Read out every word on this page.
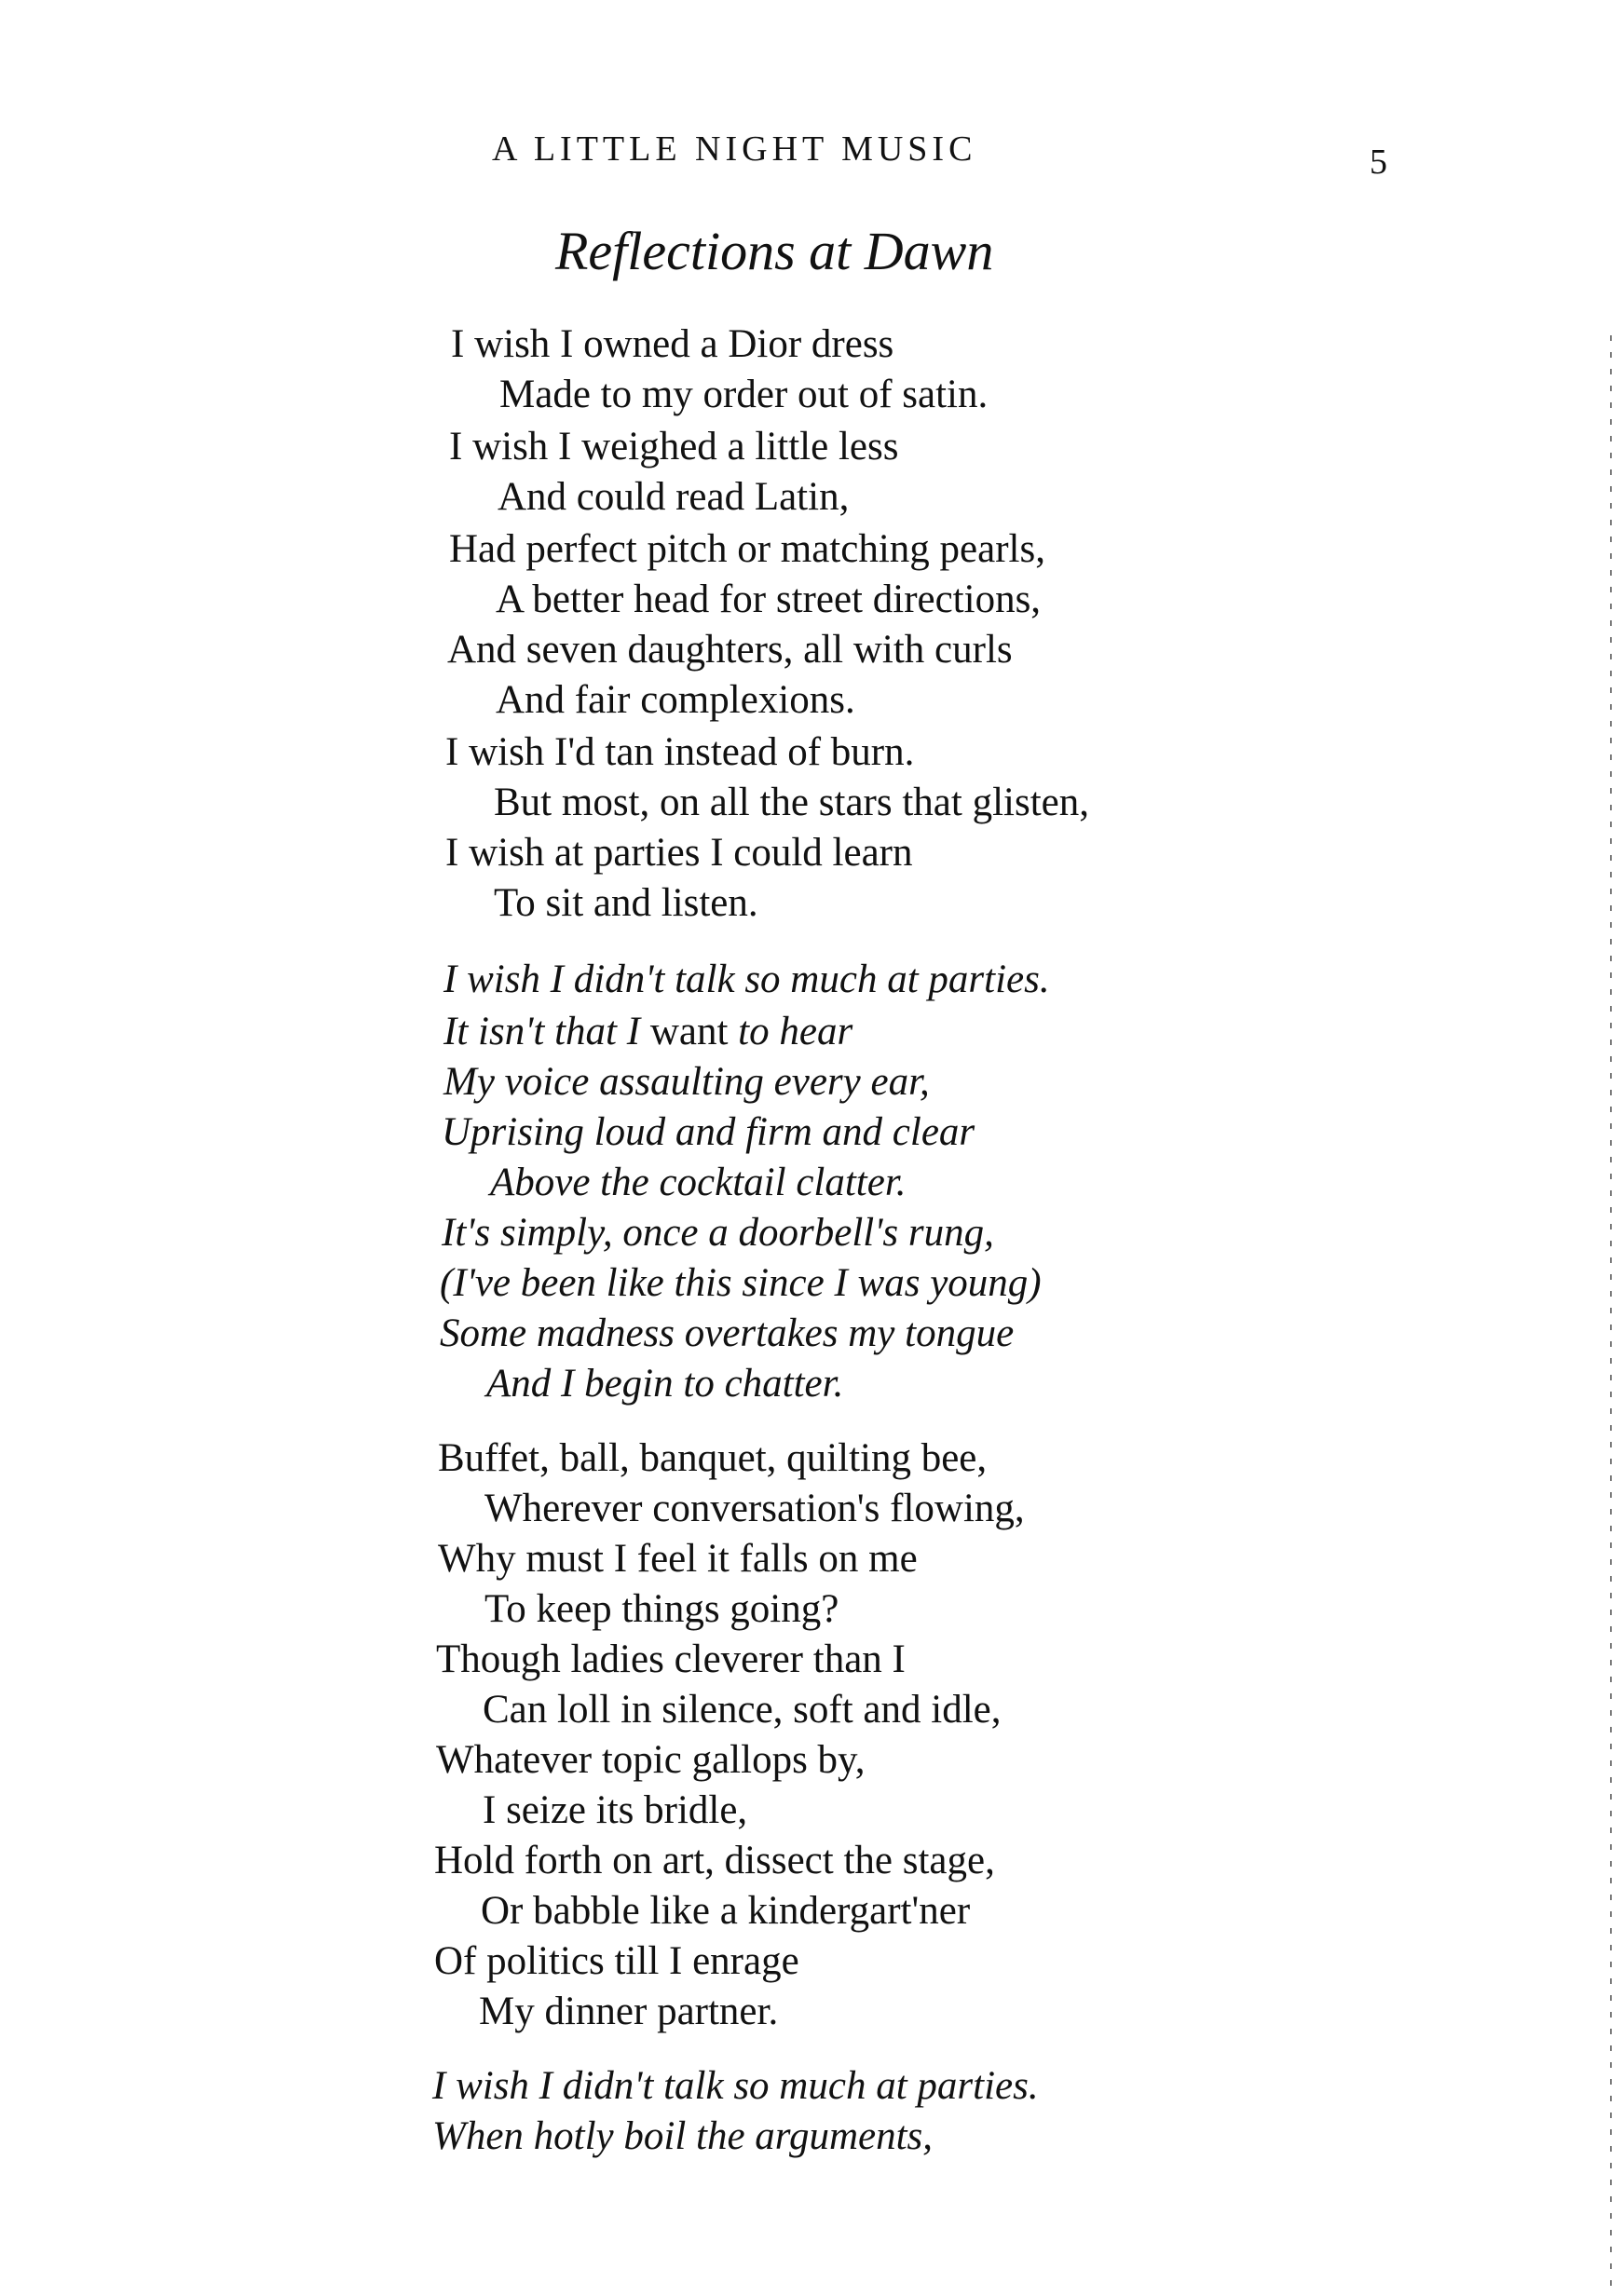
A LITTLE NIGHT MUSIC	5
Reflections at Dawn
I wish I owned a Dior dress
Made to my order out of satin.
I wish I weighed a little less
And could read Latin,
Had perfect pitch or matching pearls,
A better head for street directions,
And seven daughters, all with curls
And fair complexions.
I wish I'd tan instead of burn.
But most, on all the stars that glisten,
I wish at parties I could learn
To sit and listen.
I wish I didn't talk so much at parties.
It isn't that I want to hear
My voice assaulting every ear,
Uprising loud and firm and clear
Above the cocktail clatter.
It's simply, once a doorbell's rung,
(I've been like this since I was young)
Some madness overtakes my tongue
And I begin to chatter.
Buffet, ball, banquet, quilting bee,
Wherever conversation's flowing,
Why must I feel it falls on me
To keep things going?
Though ladies cleverer than I
Can loll in silence, soft and idle,
Whatever topic gallops by,
I seize its bridle,
Hold forth on art, dissect the stage,
Or babble like a kindergart'ner
Of politics till I enrage
My dinner partner.
I wish I didn't talk so much at parties.
When hotly boil the arguments,
